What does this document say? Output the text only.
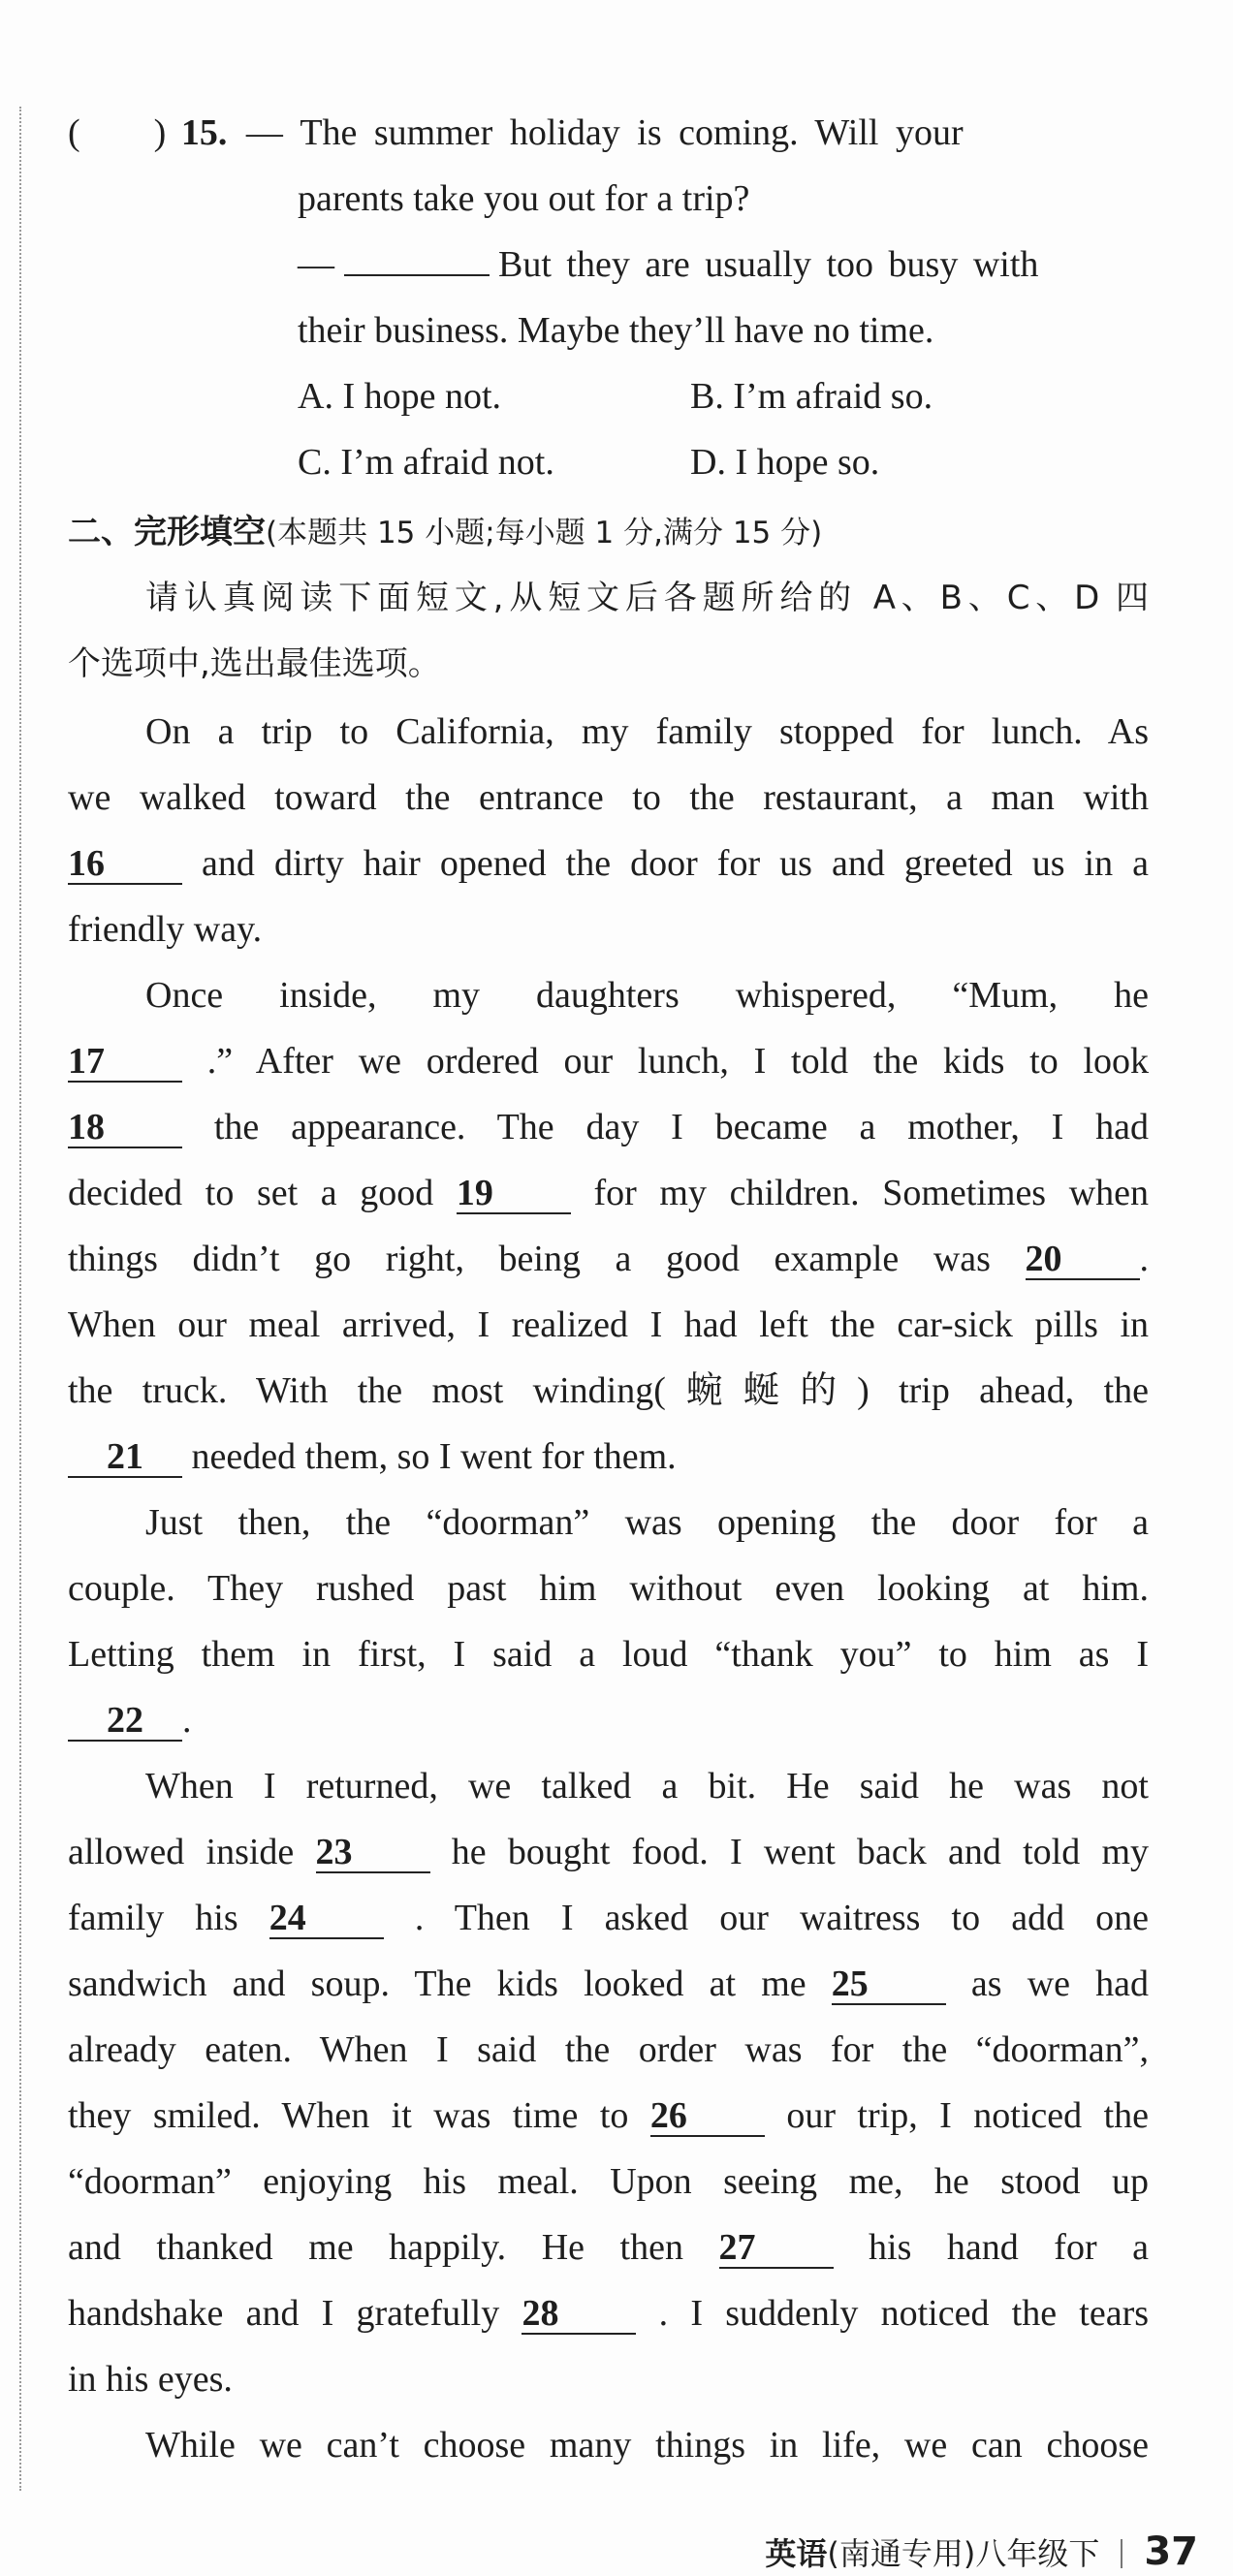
(        ) 15. — The summer holiday is coming. Will your
parents take you out for a trip?
—	But they are usually too busy with
their business. Maybe they’ll have no time.
A. I hope not.	B. I’m afraid so.
C. I’m afraid not.	D. I hope so.
二、完形填空(本题共 15 小题;每小题 1 分,满分 15 分)
请认真阅读下面短文,从短文后各题所给的 A、B、C、D 四
个选项中,选出最佳选项。
On a trip to California, my family stopped for lunch. As
we walked toward the entrance to the restaurant, a man with
16	and dirty hair opened the door for us and greeted us in a
friendly way.
Once inside, my daughters whispered, “Mum, he
17	.” After we ordered our lunch, I told the kids to look
18	the appearance. The day I became a mother, I had
decided to set a good 19	for my children. Sometimes when
things didn’t go right, being a good example was 20 .
When our meal arrived, I realized I had left the car-sick pills in
the truck. With the most winding(蜿蜒的) trip ahead, the
21 needed them, so I went for them.
Just then, the “doorman” was opening the door for a
couple. They rushed past him without even looking at him.
Letting them in first, I said a loud “thank you” to him as I
22 .
When I returned, we talked a bit. He said he was not
allowed inside 23	he bought food. I went back and told my
family his 24	. Then I asked our waitress to add one
sandwich and soup. The kids looked at me 25	as we had
already eaten. When I said the order was for the “doorman”,
they smiled. When it was time to 26	our trip, I noticed the
“doorman” enjoying his meal. Upon seeing me, he stood up
and thanked me happily. He then 27	his hand for a
handshake and I gratefully 28	. I suddenly noticed the tears
in his eyes.
While we can’t choose many things in life, we can choose
英语(南通专用)八年级下 37
